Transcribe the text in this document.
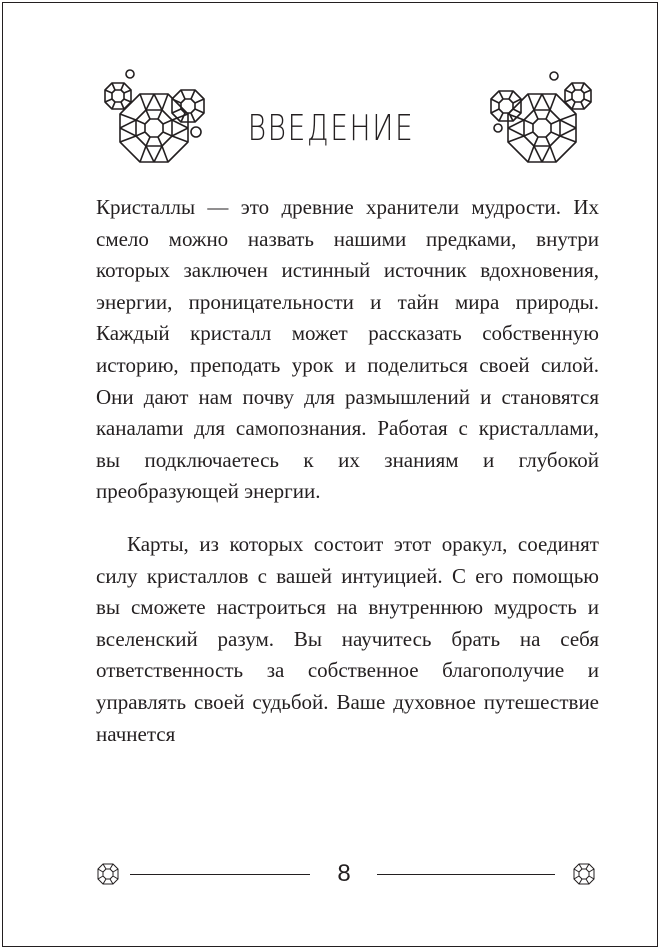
ВВЕДЕНИЕ

Кристаллы — это древние хранители мудрости. Их смело можно назвать нашими предками, внутри которых заключен истинный источник вдохновения, энергии, проницательности и тайн мира природы. Каждый кристалл может рассказать собственную историю, преподать урок и поделиться своей силой. Они дают нам почву для размышлений и становятся каналаmи для самопознания. Работая с кристаллами, вы подключаетесь к их знаниям и глубокой преобразующей энергии.

Карты, из которых состоит этот оракул, соединят силу кристаллов с вашей интуицией. С его помощью вы сможете настроиться на внутреннюю мудрость и вселенский разум. Вы научитесь брать на себя ответственность за собственное благополучие и управлять своей судьбой. Ваше духовное путешествие начнется

8
